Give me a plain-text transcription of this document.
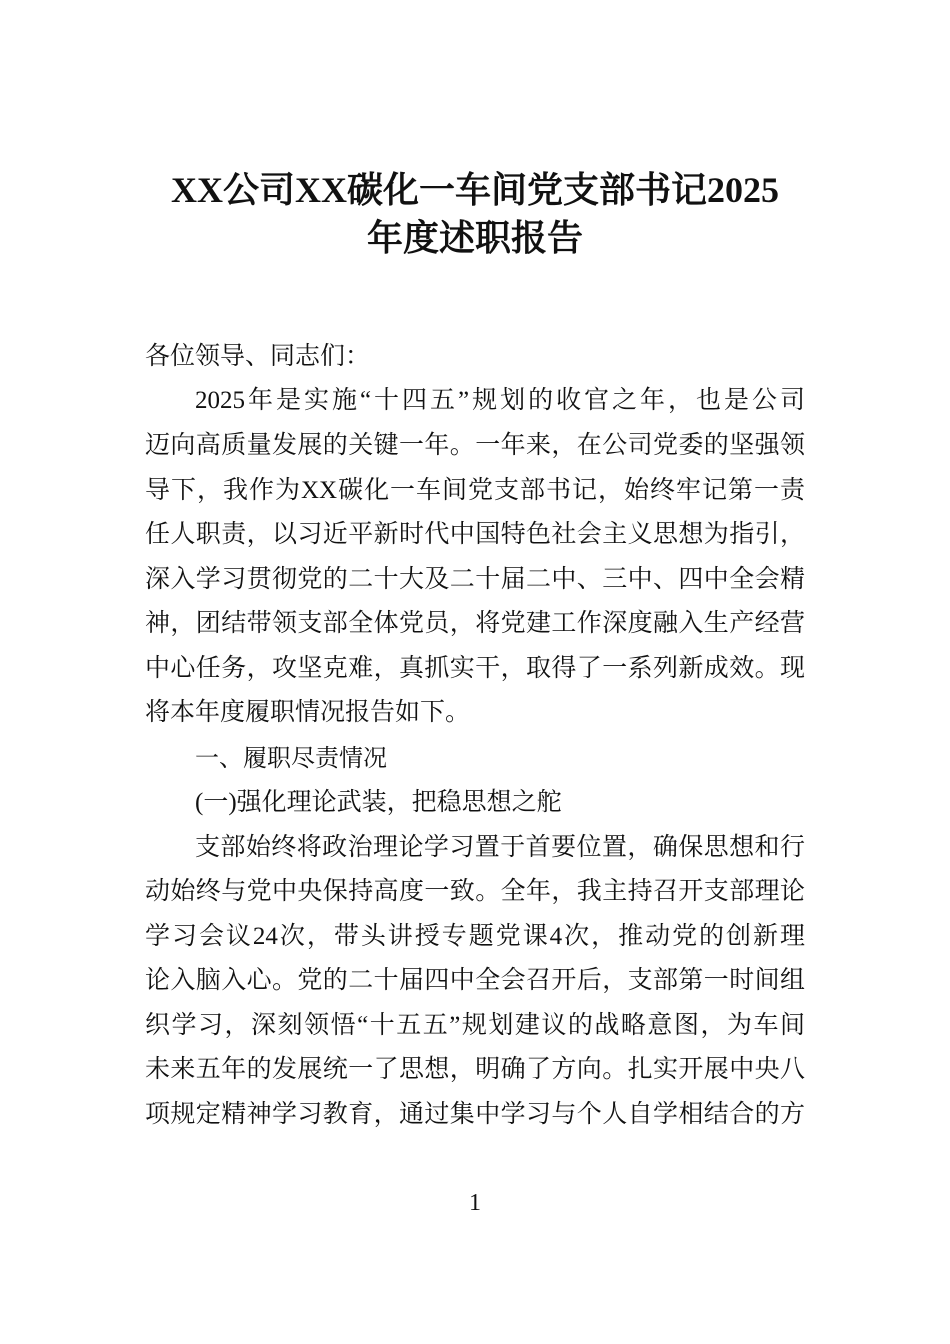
XX公司XX碳化一车间党支部书记2025
年度述职报告
各位领导、同志们：
2025年是实施“十四五”规划的收官之年，也是公司
迈向高质量发展的关键一年。一年来，在公司党委的坚强领
导下，我作为XX碳化一车间党支部书记，始终牢记第一责
任人职责，以习近平新时代中国特色社会主义思想为指引，
深入学习贯彻党的二十大及二十届二中、三中、四中全会精
神，团结带领支部全体党员，将党建工作深度融入生产经营
中心任务，攻坚克难，真抓实干，取得了一系列新成效。现
将本年度履职情况报告如下。
一、履职尽责情况
(一)强化理论武装，把稳思想之舵
支部始终将政治理论学习置于首要位置，确保思想和行
动始终与党中央保持高度一致。全年，我主持召开支部理论
学习会议24次，带头讲授专题党课4次，推动党的创新理
论入脑入心。党的二十届四中全会召开后，支部第一时间组
织学习，深刻领悟“十五五”规划建议的战略意图，为车间
未来五年的发展统一了思想，明确了方向。扎实开展中央八
项规定精神学习教育，通过集中学习与个人自学相结合的方
1
